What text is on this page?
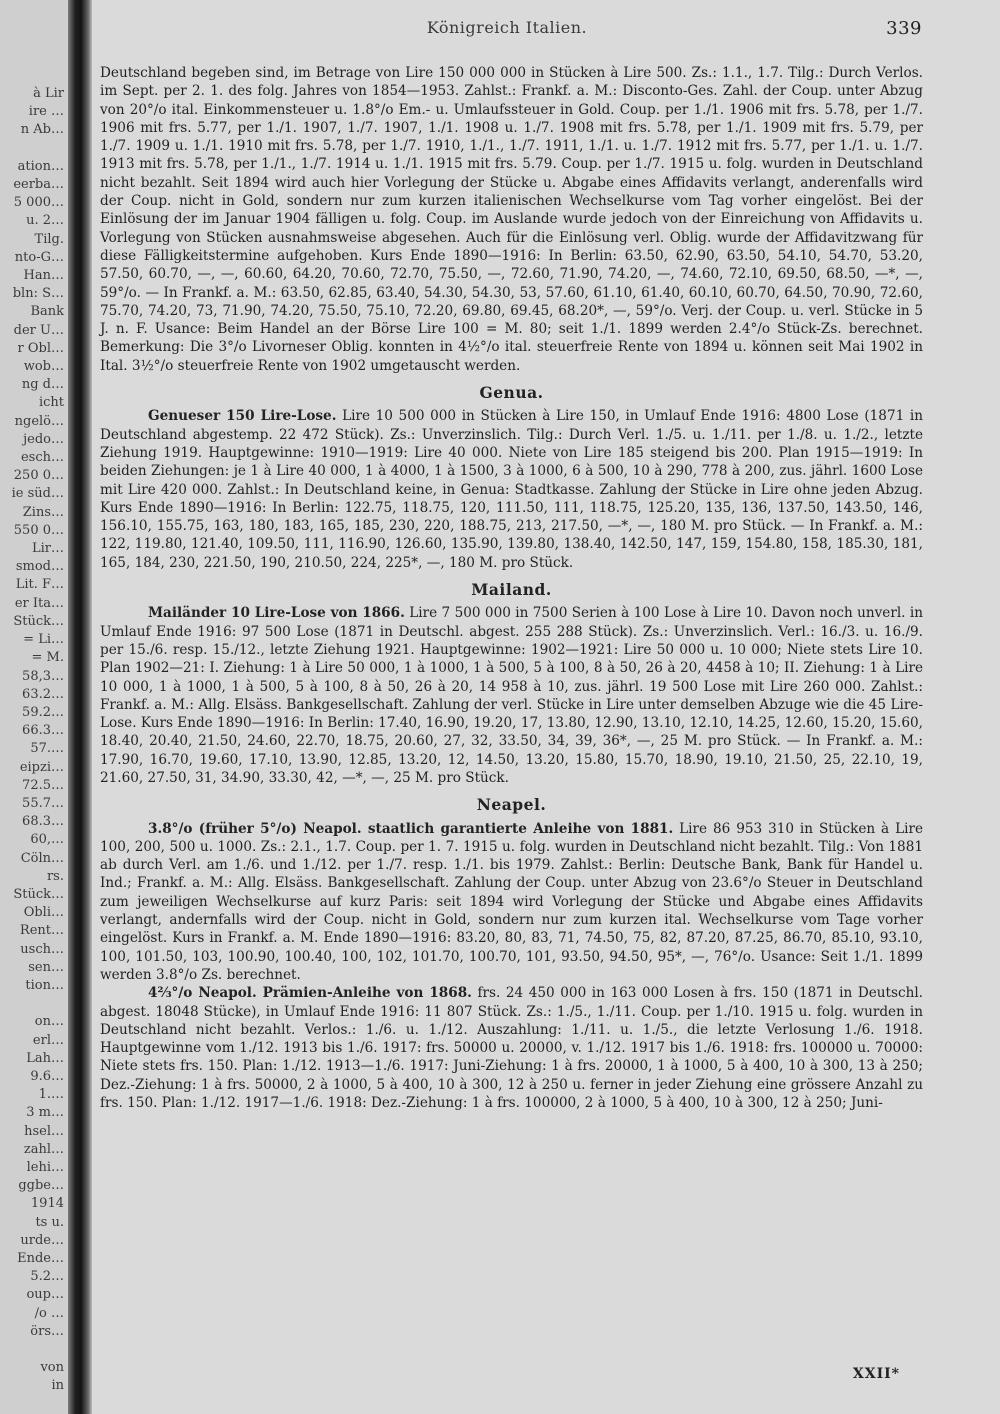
à Lir
ire …
n Ab…

ation…
eerba…
5 000…
u. 2…
Tilg.
nto-G…
Han…
bln: S…
Bank
der U…
r Obl…
wob…
ng d…
icht
ngelö…
jedo…
esch…
250 0…
ie süd…
Zins…
550 0…
Lir…
smod…
Lit. F…
er Ita…
Stück…
= Li…
= M.
58,3…
63.2…
59.2…
66.3…
57.…
eipzi…
72.5…
55.7…
68.3…
60,…
Cöln…
rs.
Stück…
Obli…
Rent…
usch…
sen…
tion…

on…
erl…
Lah…
9.6…
1.…
3 m…
hsel…
zahl…
lehi…
ggbe…
1914
ts u.
urde…
Ende…
5.2…
oup…
/o …
örs…

von
in
Königreich Italien.	339

Deutschland begeben sind, im Betrage von Lire 150 000 000 in Stücken à Lire 500. Zs.: 1.1., 1.7. Tilg.: Durch Verlos. im Sept. per 2. 1. des folg. Jahres von 1854—1953. Zahlst.: Frankf. a. M.: Disconto-Ges. Zahl. der Coup. unter Abzug von 20°/o ital. Einkommensteuer u. 1.8°/o Em.- u. Umlaufssteuer in Gold. Coup. per 1./1. 1906 mit frs. 5.78, per 1./7. 1906 mit frs. 5.77, per 1./1. 1907, 1./7. 1907, 1./1. 1908 u. 1./7. 1908 mit frs. 5.78, per 1./1. 1909 mit frs. 5.79, per 1./7. 1909 u. 1./1. 1910 mit frs. 5.78, per 1./7. 1910, 1./1., 1./7. 1911, 1./1. u. 1./7. 1912 mit frs. 5.77, per 1./1. u. 1./7. 1913 mit frs. 5.78, per 1./1., 1./7. 1914 u. 1./1. 1915 mit frs. 5.79. Coup. per 1./7. 1915 u. folg. wurden in Deutschland nicht bezahlt. Seit 1894 wird auch hier Vorlegung der Stücke u. Abgabe eines Affidavits verlangt, anderenfalls wird der Coup. nicht in Gold, sondern nur zum kurzen italienischen Wechselkurse vom Tag vorher eingelöst. Bei der Einlösung der im Januar 1904 fälligen u. folg. Coup. im Auslande wurde jedoch von der Einreichung von Affidavits u. Vorlegung von Stücken ausnahmsweise abgesehen. Auch für die Einlösung verl. Oblig. wurde der Affidavitzwang für diese Fälligkeitstermine aufgehoben. Kurs Ende 1890—1916: In Berlin: 63.50, 62.90, 63.50, 54.10, 54.70, 53.20, 57.50, 60.70, —, —, 60.60, 64.20, 70.60, 72.70, 75.50, —, 72.60, 71.90, 74.20, —, 74.60, 72.10, 69.50, 68.50, —*, —, 59°/o. — In Frankf. a. M.: 63.50, 62.85, 63.40, 54.30, 54.30, 53, 57.60, 61.10, 61.40, 60.10, 60.70, 64.50, 70.90, 72.60, 75.70, 74.20, 73, 71.90, 74.20, 75.50, 75.10, 72.20, 69.80, 69.45, 68.20*, —, 59°/o. Verj. der Coup. u. verl. Stücke in 5 J. n. F. Usance: Beim Handel an der Börse Lire 100 = M. 80; seit 1./1. 1899 werden 2.4°/o Stück-Zs. berechnet. Bemerkung: Die 3°/o Livorneser Oblig. konnten in 4½°/o ital. steuerfreie Rente von 1894 u. können seit Mai 1902 in Ital. 3½°/o steuerfreie Rente von 1902 umgetauscht werden.

Genua.

Genueser 150 Lire-Lose. Lire 10 500 000 in Stücken à Lire 150, in Umlauf Ende 1916: 4800 Lose (1871 in Deutschland abgestemp. 22 472 Stück). Zs.: Unverzinslich. Tilg.: Durch Verl. 1./5. u. 1./11. per 1./8. u. 1./2., letzte Ziehung 1919. Hauptgewinne: 1910—1919: Lire 40 000. Niete von Lire 185 steigend bis 200. Plan 1915—1919: In beiden Ziehungen: je 1 à Lire 40 000, 1 à 4000, 1 à 1500, 3 à 1000, 6 à 500, 10 à 290, 778 à 200, zus. jährl. 1600 Lose mit Lire 420 000. Zahlst.: In Deutschland keine, in Genua: Stadtkasse. Zahlung der Stücke in Lire ohne jeden Abzug. Kurs Ende 1890—1916: In Berlin: 122.75, 118.75, 120, 111.50, 111, 118.75, 125.20, 135, 136, 137.50, 143.50, 146, 156.10, 155.75, 163, 180, 183, 165, 185, 230, 220, 188.75, 213, 217.50, —*, —, 180 M. pro Stück. — In Frankf. a. M.: 122, 119.80, 121.40, 109.50, 111, 116.90, 126.60, 135.90, 139.80, 138.40, 142.50, 147, 159, 154.80, 158, 185.30, 181, 165, 184, 230, 221.50, 190, 210.50, 224, 225*, —, 180 M. pro Stück.

Mailand.

Mailänder 10 Lire-Lose von 1866. Lire 7 500 000 in 7500 Serien à 100 Lose à Lire 10. Davon noch unverl. in Umlauf Ende 1916: 97 500 Lose (1871 in Deutschl. abgest. 255 288 Stück). Zs.: Unverzinslich. Verl.: 16./3. u. 16./9. per 15./6. resp. 15./12., letzte Ziehung 1921. Hauptgewinne: 1902—1921: Lire 50 000 u. 10 000; Niete stets Lire 10. Plan 1902—21: I. Ziehung: 1 à Lire 50 000, 1 à 1000, 1 à 500, 5 à 100, 8 à 50, 26 à 20, 4458 à 10; II. Ziehung: 1 à Lire 10 000, 1 à 1000, 1 à 500, 5 à 100, 8 à 50, 26 à 20, 14 958 à 10, zus. jährl. 19 500 Lose mit Lire 260 000. Zahlst.: Frankf. a. M.: Allg. Elsäss. Bankgesellschaft. Zahlung der verl. Stücke in Lire unter demselben Abzuge wie die 45 Lire-Lose. Kurs Ende 1890—1916: In Berlin: 17.40, 16.90, 19.20, 17, 13.80, 12.90, 13.10, 12.10, 14.25, 12.60, 15.20, 15.60, 18.40, 20.40, 21.50, 24.60, 22.70, 18.75, 20.60, 27, 32, 33.50, 34, 39, 36*, —, 25 M. pro Stück. — In Frankf. a. M.: 17.90, 16.70, 19.60, 17.10, 13.90, 12.85, 13.20, 12, 14.50, 13.20, 15.80, 15.70, 18.90, 19.10, 21.50, 25, 22.10, 19, 21.60, 27.50, 31, 34.90, 33.30, 42, —*, —, 25 M. pro Stück.

Neapel.

3.8°/o (früher 5°/o) Neapol. staatlich garantierte Anleihe von 1881. Lire 86 953 310 in Stücken à Lire 100, 200, 500 u. 1000. Zs.: 2.1., 1.7. Coup. per 1. 7. 1915 u. folg. wurden in Deutschland nicht bezahlt. Tilg.: Von 1881 ab durch Verl. am 1./6. und 1./12. per 1./7. resp. 1./1. bis 1979. Zahlst.: Berlin: Deutsche Bank, Bank für Handel u. Ind.; Frankf. a. M.: Allg. Elsäss. Bankgesellschaft. Zahlung der Coup. unter Abzug von 23.6°/o Steuer in Deutschland zum jeweiligen Wechselkurse auf kurz Paris: seit 1894 wird Vorlegung der Stücke und Abgabe eines Affidavits verlangt, andernfalls wird der Coup. nicht in Gold, sondern nur zum kurzen ital. Wechselkurse vom Tage vorher eingelöst. Kurs in Frankf. a. M. Ende 1890—1916: 83.20, 80, 83, 71, 74.50, 75, 82, 87.20, 87.25, 86.70, 85.10, 93.10, 100, 101.50, 103, 100.90, 100.40, 100, 102, 101.70, 100.70, 101, 93.50, 94.50, 95*, —, 76°/o. Usance: Seit 1./1. 1899 werden 3.8°/o Zs. berechnet.

4⅔°/o Neapol. Prämien-Anleihe von 1868. frs. 24 450 000 in 163 000 Losen à frs. 150 (1871 in Deutschl. abgest. 18048 Stücke), in Umlauf Ende 1916: 11 807 Stück. Zs.: 1./5., 1./11. Coup. per 1./10. 1915 u. folg. wurden in Deutschland nicht bezahlt. Verlos.: 1./6. u. 1./12. Auszahlung: 1./11. u. 1./5., die letzte Verlosung 1./6. 1918. Hauptgewinne vom 1./12. 1913 bis 1./6. 1917: frs. 50000 u. 20000, v. 1./12. 1917 bis 1./6. 1918: frs. 100000 u. 70000: Niete stets frs. 150. Plan: 1./12. 1913—1./6. 1917: Juni-Ziehung: 1 à frs. 20000, 1 à 1000, 5 à 400, 10 à 300, 13 à 250; Dez.-Ziehung: 1 à frs. 50000, 2 à 1000, 5 à 400, 10 à 300, 12 à 250 u. ferner in jeder Ziehung eine grössere Anzahl zu frs. 150. Plan: 1./12. 1917—1./6. 1918: Dez.-Ziehung: 1 à frs. 100000, 2 à 1000, 5 à 400, 10 à 300, 12 à 250; Juni-

XXII*
